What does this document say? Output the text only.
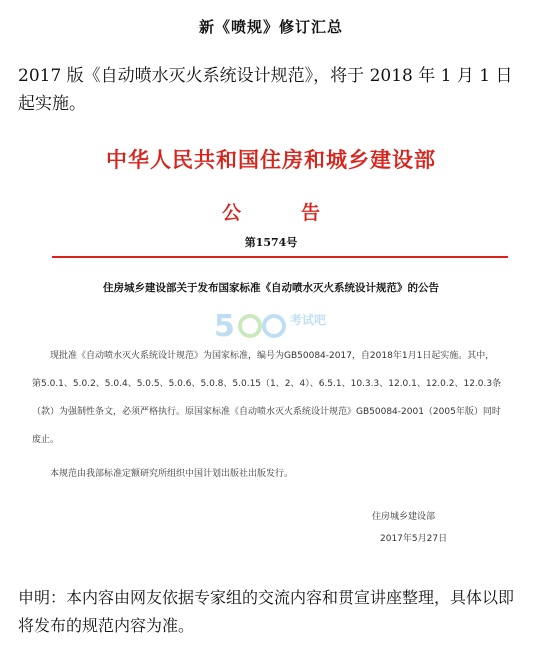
新《喷规》修订汇总
2017 版《自动喷水灭火系统设计规范》，将于 2018 年 1 月 1 日起实施。
中华人民共和国住房和城乡建设部
公	告
第1574号
住房城乡建设部关于发布国家标准《自动喷水灭火系统设计规范》的公告
5	考试吧

现批准《自动喷水灭火系统设计规范》为国家标准，编号为GB50084-2017，自2018年1月1日起实施。其中，第5.0.1、5.0.2、5.0.4、5.0.5、5.0.6、5.0.8、5.0.15（1、2、4）、6.5.1、10.3.3、12.0.1、12.0.2、12.0.3条（款）为强制性条文，必须严格执行。原国家标准《自动喷水灭火系统设计规范》GB50084-2001（2005年版）同时废止。

本规范由我部标准定额研究所组织中国计划出版社出版发行。

住房城乡建设部
2017年5月27日
申明：本内容由网友依据专家组的交流内容和贯宣讲座整理，具体以即将发布的规范内容为准。
